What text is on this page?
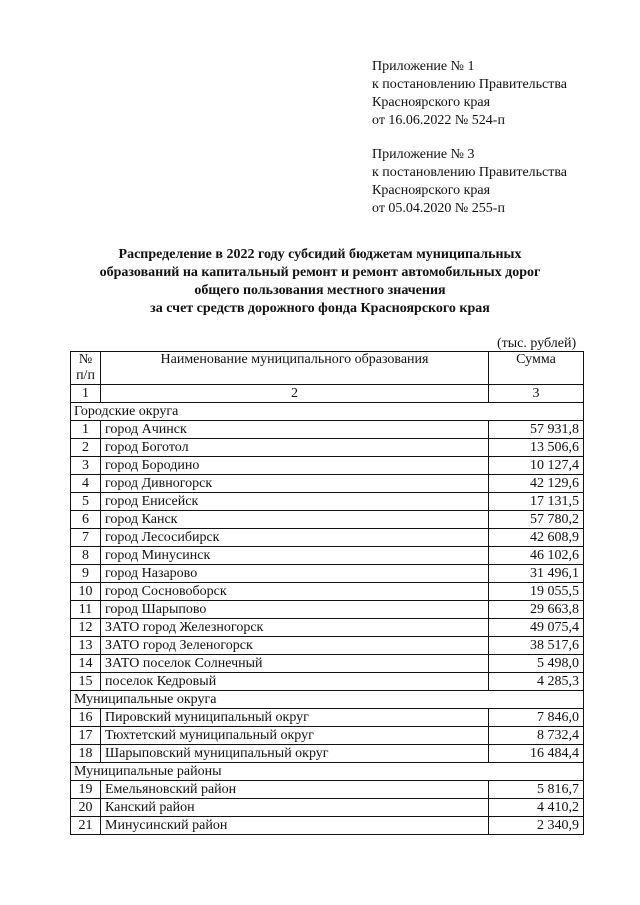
Приложение № 1
к постановлению Правительства
Красноярского края
от 16.06.2022 № 524-п
Приложение № 3
к постановлению Правительства
Красноярского края
от 05.04.2020 № 255-п
Распределение в 2022 году субсидий бюджетам муниципальных
образований на капитальный ремонт и ремонт автомобильных дорог
общего пользования местного значения
за счет средств дорожного фонда Красноярского края
(тыс. рублей)
№
п/п	Наименование муниципального образования	Сумма
1	2	3
Городские округа		
1	город Ачинск	57 931,8
2	город Боготол	13 506,6
3	город Бородино	10 127,4
4	город Дивногорск	42 129,6
5	город Енисейск	17 131,5
6	город Канск	57 780,2
7	город Лесосибирск	42 608,9
8	город Минусинск	46 102,6
9	город Назарово	31 496,1
10	город Сосновоборск	19 055,5
11	город Шарыпово	29 663,8
12	ЗАТО город Железногорск	49 075,4
13	ЗАТО город Зеленогорск	38 517,6
14	ЗАТО поселок Солнечный	5 498,0
15	поселок Кедровый	4 285,3
Муниципальные округа		
16	Пировский муниципальный округ	7 846,0
17	Тюхтетский муниципальный округ	8 732,4
18	Шарыповский муниципальный округ	16 484,4
Муниципальные районы		
19	Емельяновский район	5 816,7
20	Канский район	4 410,2
21	Минусинский район	2 340,9
